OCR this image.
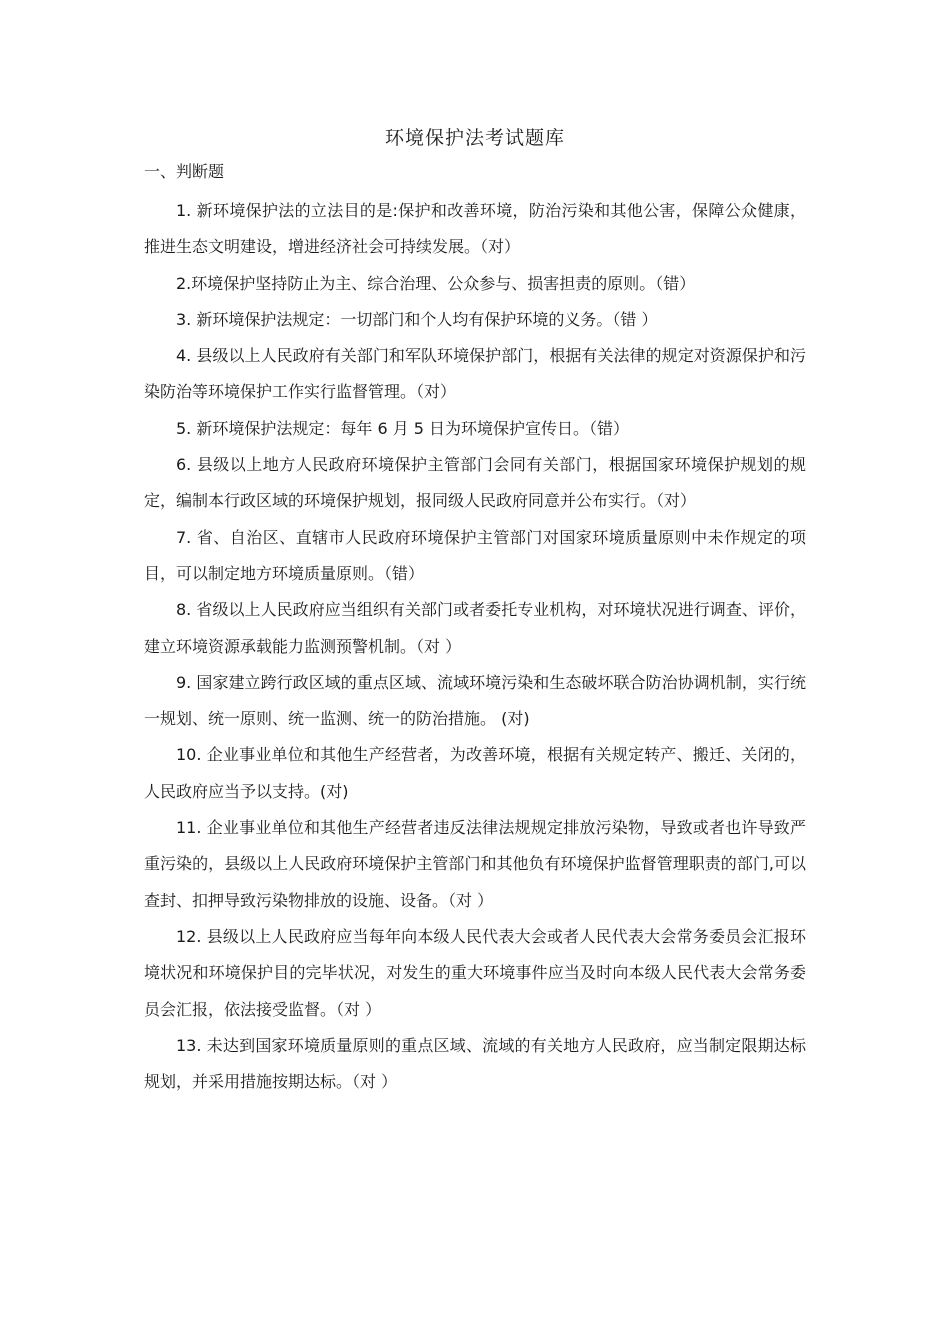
环境保护法考试题库
一、判断题

1. 新环境保护法的立法目的是:保护和改善环境，防治污染和其他公害，保障公众健康，推进生态文明建设，增进经济社会可持续发展。（对）

2.环境保护坚持防止为主、综合治理、公众参与、损害担责的原则。（错）

3. 新环境保护法规定：一切部门和个人均有保护环境的义务。（错 ）

4. 县级以上人民政府有关部门和军队环境保护部门，根据有关法律的规定对资源保护和污染防治等环境保护工作实行监督管理。（对）

5. 新环境保护法规定：每年 6 月 5 日为环境保护宣传日。（错）

6. 县级以上地方人民政府环境保护主管部门会同有关部门，根据国家环境保护规划的规定，编制本行政区域的环境保护规划，报同级人民政府同意并公布实行。（对）

7. 省、自治区、直辖市人民政府环境保护主管部门对国家环境质量原则中未作规定的项目，可以制定地方环境质量原则。（错）

8. 省级以上人民政府应当组织有关部门或者委托专业机构，对环境状况进行调查、评价，建立环境资源承载能力监测预警机制。（对 ）

9. 国家建立跨行政区域的重点区域、流域环境污染和生态破坏联合防治协调机制，实行统一规划、统一原则、统一监测、统一的防治措施。 (对)

10. 企业事业单位和其他生产经营者，为改善环境，根据有关规定转产、搬迁、关闭的，人民政府应当予以支持。(对)

11. 企业事业单位和其他生产经营者违反法律法规规定排放污染物，导致或者也许导致严重污染的，县级以上人民政府环境保护主管部门和其他负有环境保护监督管理职责的部门,可以查封、扣押导致污染物排放的设施、设备。（对 ）

12. 县级以上人民政府应当每年向本级人民代表大会或者人民代表大会常务委员会汇报环境状况和环境保护目的完毕状况，对发生的重大环境事件应当及时向本级人民代表大会常务委员会汇报，依法接受监督。（对 ）

13. 未达到国家环境质量原则的重点区域、流域的有关地方人民政府，应当制定限期达标规划，并采用措施按期达标。（对 ）
